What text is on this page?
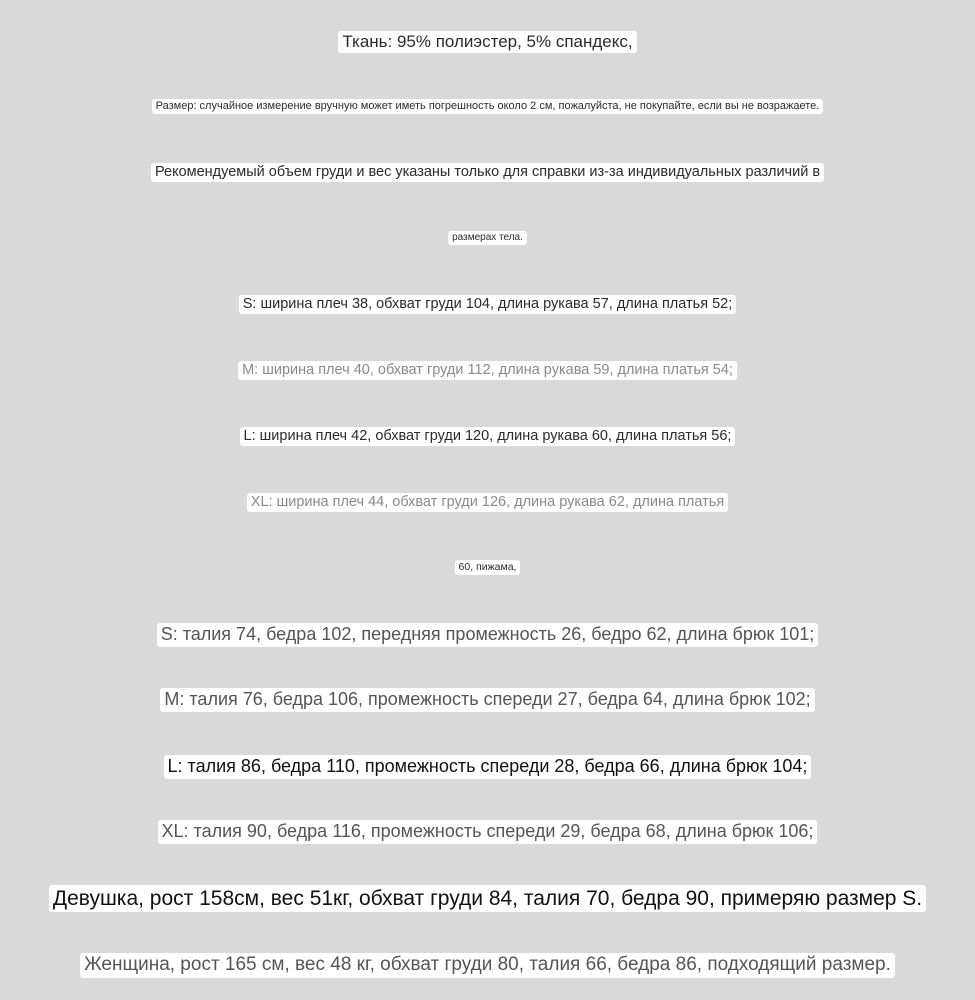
Ткань: 95% полиэстер, 5% спандекс,
Размер: случайное измерение вручную может иметь погрешность около 2 см, пожалуйста, не покупайте, если вы не возражаете.
Рекомендуемый объем груди и вес указаны только для справки из-за индивидуальных различий в
размерах тела.
S: ширина плеч 38, обхват груди 104, длина рукава 57, длина платья 52;
M: ширина плеч 40, обхват груди 112, длина рукава 59, длина платья 54;
L: ширина плеч 42, обхват груди 120, длина рукава 60, длина платья 56;
XL: ширина плеч 44, обхват груди 126, длина рукава 62, длина платья
60, пижама,
S: талия 74, бедра 102, передняя промежность 26, бедро 62, длина брюк 101;
M: талия 76, бедра 106, промежность спереди 27, бедра 64, длина брюк 102;
L: талия 86, бедра 110, промежность спереди 28, бедра 66, длина брюк 104;
XL: талия 90, бедра 116, промежность спереди 29, бедра 68, длина брюк 106;
Девушка, рост 158см, вес 51кг, обхват груди 84, талия 70, бедра 90, примеряю размер S.
Женщина, рост 165 см, вес 48 кг, обхват груди 80, талия 66, бедра 86, подходящий размер.
